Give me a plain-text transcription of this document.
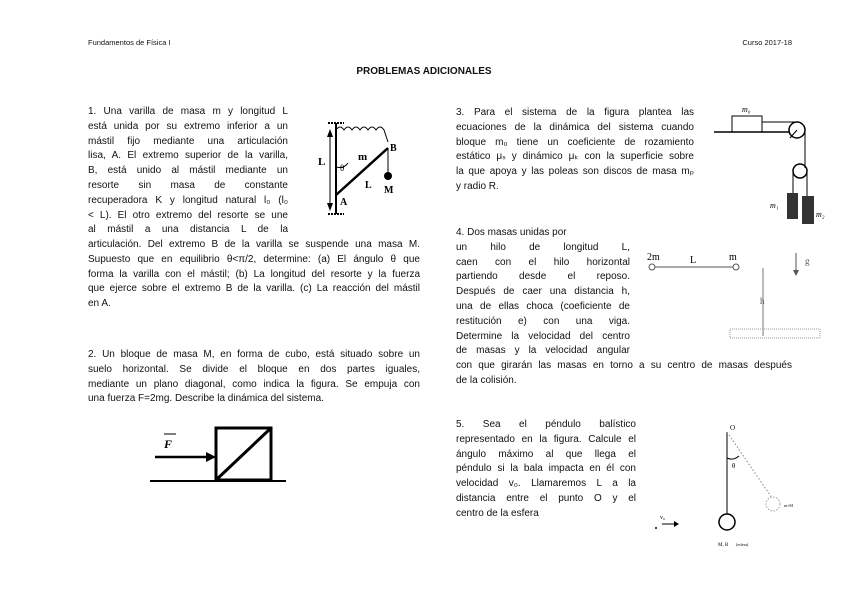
Fundamentos de Física I	Curso 2017-18
PROBLEMAS ADICIONALES
1. Una varilla de masa m y longitud L
está unida por su extremo inferior a un
mástil fijo mediante una articulación
lisa, A. El extremo superior de la varilla,
B, está unido al mástil mediante un
resorte sin masa de constante
recuperadora K y longitud natural l₀ (l₀
< L). El otro extremo del resorte se une
al mástil a una distancia L de la
articulación. Del extremo B de la varilla se suspende una masa M.
Supuesto que en equilibrio θ<π/2, determine: (a) El ángulo θ que
forma la varilla con el mástil; (b) La longitud del resorte y la fuerza
que ejerce sobre el extremo B de la varilla. (c) La reacción del mástil
en A.
L	m
θ
B
L M
A
2. Un bloque de masa M, en forma de cubo, está situado sobre un
suelo horizontal. Se divide el bloque en dos partes iguales,
mediante un plano diagonal, como indica la figura. Se empuja con
una fuerza F=2mg. Describe la dinámica del sistema.
F
3. Para el sistema de la figura plantea las
ecuaciones de la dinámica del sistema cuando
bloque m₀ tiene un coeficiente de rozamiento
estático μₛ y dinámico μₖ con la superficie sobre
la que apoya y las poleas son discos de masa mₚ
y radio R.
m₀
m₁
m₂
4. Dos masas unidas por
un hilo de longitud L,
caen con el hilo horizontal
partiendo desde el reposo.
Después de caer una distancia h,
una de ellas choca (coeficiente de
restitución e) con una viga.
Determine la velocidad del centro
de masas y la velocidad angular
con que girarán las masas en torno a su centro de masas después
de la colisión.
2m	L	m
h
g
5. Sea el péndulo balístico
representado en la figura. Calcule el
ángulo máximo al que llega el
péndulo si la bala impacta en él con
velocidad v₀. Llamaremos L a la
distancia entre el punto O y el
centro de la esfera
O
θ
m+M
v₀
M, R (esfera)
